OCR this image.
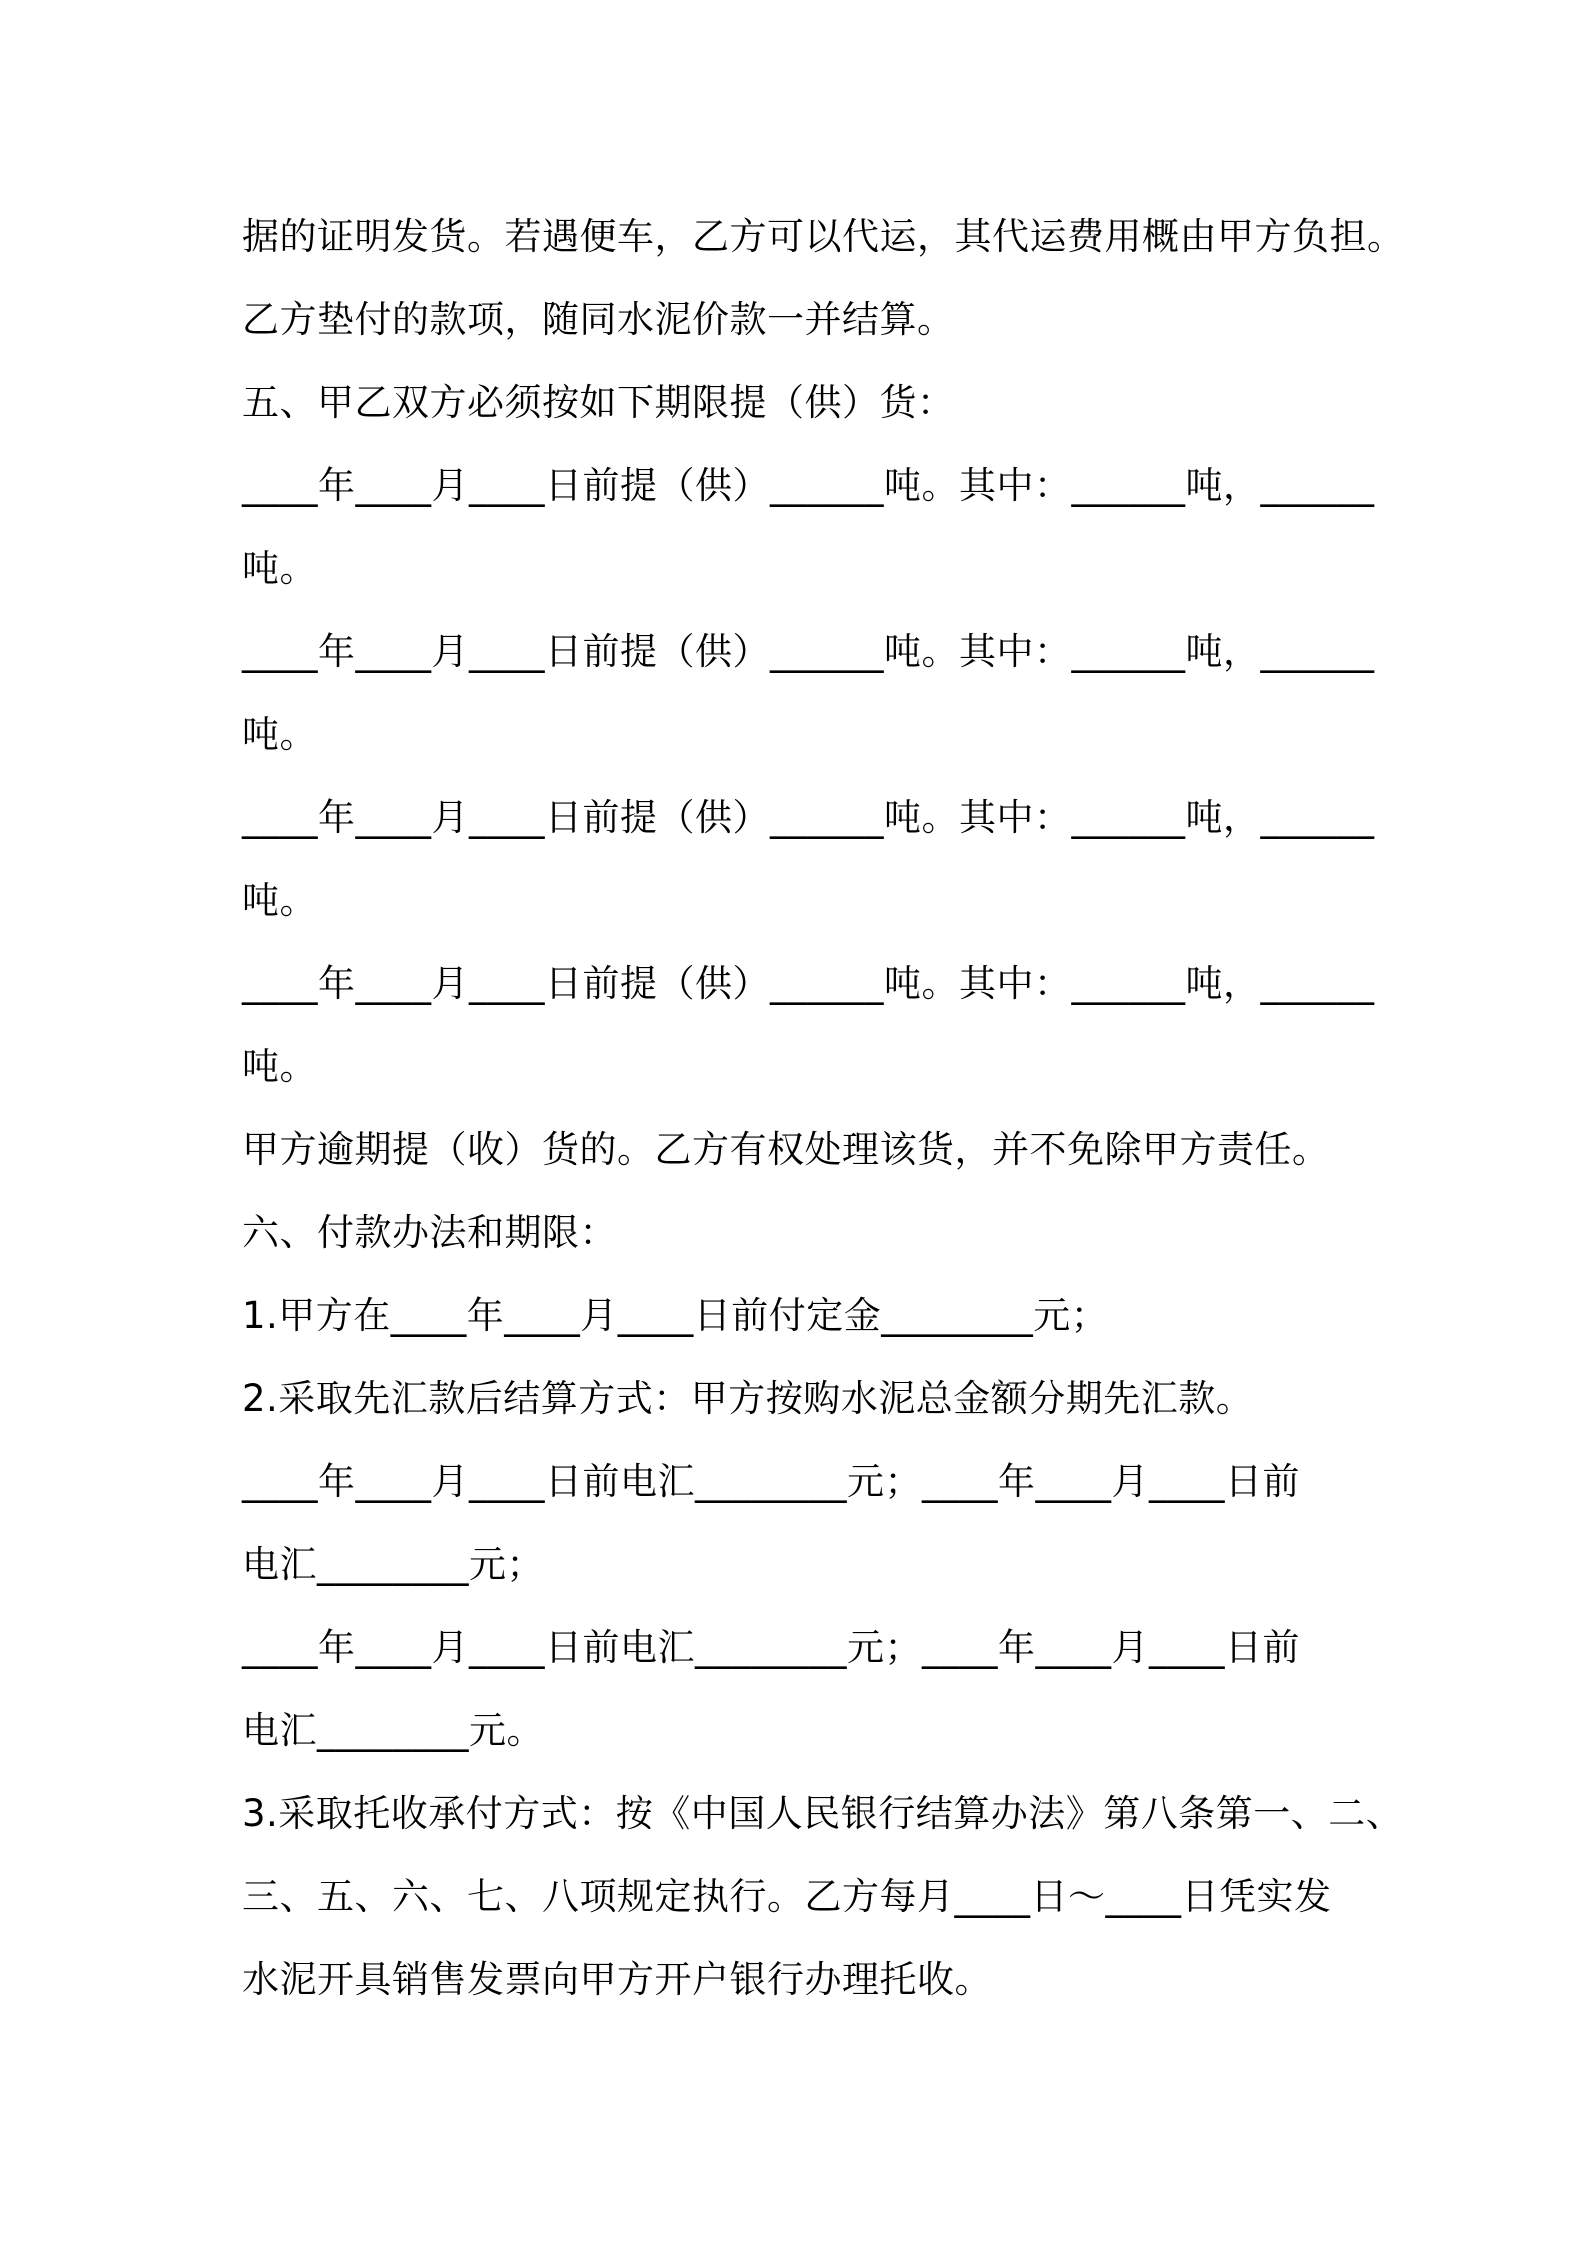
据的证明发货。若遇便车，乙方可以代运，其代运费用概由甲方负担。
乙方垫付的款项，随同水泥价款一并结算。
五、甲乙双方必须按如下期限提（供）货：
____年____月____日前提（供）______吨。其中：______吨，______
吨。
____年____月____日前提（供）______吨。其中：______吨，______
吨。
____年____月____日前提（供）______吨。其中：______吨，______
吨。
____年____月____日前提（供）______吨。其中：______吨，______
吨。
甲方逾期提（收）货的。乙方有权处理该货，并不免除甲方责任。
六、付款办法和期限：
1.甲方在____年____月____日前付定金________元；
2.采取先汇款后结算方式：甲方按购水泥总金额分期先汇款。
____年____月____日前电汇________元；____年____月____日前
电汇________元；
____年____月____日前电汇________元；____年____月____日前
电汇________元。
3.采取托收承付方式：按《中国人民银行结算办法》第八条第一、二、
三、五、六、七、八项规定执行。乙方每月____日～____日凭实发
水泥开具销售发票向甲方开户银行办理托收。
